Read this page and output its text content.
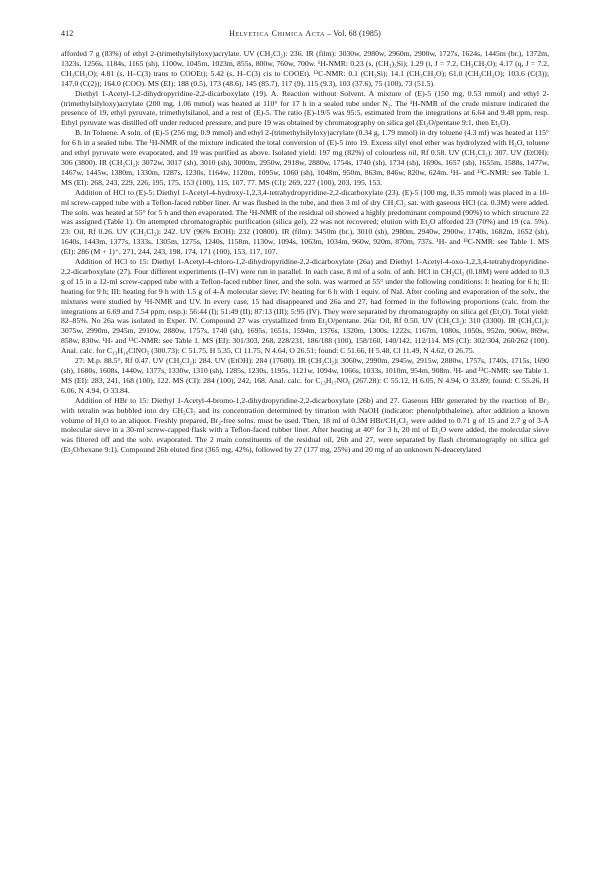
412	Helvetica Chimica Acta – Vol. 68 (1985)

afforded 7 g (83%) of ethyl 2-(trimethylsilyloxy)acrylate. UV (CH₂Cl₂): 236. IR (film): 3030w, 2980w, 2960m, 2900w, 1727s, 1624s, 1445m (br.), 1372m, 1323s, 1256s, 1184s, 1165 (sh), 1100w, 1045m, 1023m, 855s, 800w, 760w, 700w. ¹H-NMR: 0.23 (s, (CH₃)₃Si); 1.29 (t, J = 7.2, CH₃CH₂O); 4.17 (q, J = 7.2, CH₃CH₂O); 4.81 (s, H–C(3) trans to COOEt); 5.42 (s, H–C(3) cis to COOEt). ¹³C-NMR: 0.1 (CH₃Si); 14.1 (CH₃CH₂O); 61.0 (CH₃CH₂O); 103.6 (C(3)); 147.0 (C(2)); 164.0 (COO). MS (EI): 188 (0.5), 173 (48.6), 145 (85.7), 117 (9), 115 (9.3), 103 (37.6), 75 (100), 73 (51.5).

Diethyl 1-Acetyl-1,2-dihydropyridine-2,2-dicarboxylate (19). A. Reaction without Solvent. A mixture of (E)-5 (150 mg, 0.53 mmol) and ethyl 2-(trimethylsilyloxy)acrylate (200 mg, 1.06 mmol) was heated at 110° for 17 h in a sealed tube under N₂. The ¹H-NMR of the crude mixture indicated the presence of 19, ethyl pyruvate, trimethylsilanol, and a rest of (E)-5. The ratio (E)-19/5 was 95:5, estimated from the integrations at 6.64 and 9.48 ppm, resp. Ethyl pyruvate was distilled off under reduced pressure, and pure 19 was obtained by chromatography on silica gel (Et₂O/pentane 9:1, then Et₂O).

B. In Toluene. A soln. of (E)-5 (256 mg, 0.9 mmol) and ethyl 2-(trimethylsilyloxy)acrylate (0.34 g, 1.79 mmol) in dry toluene (4.3 ml) was heated at 115° for 6 h in a sealed tube. The ¹H-NMR of the mixture indicated the total conversion of (E)-5 into 19. Excess silyl enol ether was hydrolyzed with H₂O, toluene and ethyl pyruvate were evaporated, and 19 was purified as above. Isolated yield: 197 mg (82%) of colourless oil, Rf 0.58. UV (CH₂Cl₂): 307. UV (EtOH): 306 (3800). IR (CH₂Cl₂): 3072w, 3017 (sh), 3010 (sh), 3000m, 2950w, 2918w, 2880w, 1754s, 1740 (sh), 1734 (sh), 1690s, 1657 (sh), 1655m, 1588s, 1477w, 1467w, 1445w, 1380m, 1330m, 1287s, 1230s, 1164w, 1120m, 1095w, 1060 (sh), 1048m, 950m, 863m, 846w, 820w, 624m. ¹H- and ¹³C-NMR: see Table 1. MS (EI): 268, 243, 229, 226, 195, 175, 153 (100), 115, 107, 77. MS (CI): 269, 227 (100), 203, 195, 153.

Addition of HCl to (E)-5: Diethyl 1-Acetyl-4-hydroxy-1,2,3,4-tetrahydropyridine-2,2-dicarboxylate (23). (E)-5 (100 mg, 0.35 mmol) was placed in a 10-ml screw-capped tube with a Teflon-faced rubber liner. Ar was flushed in the tube, and then 3 ml of dry CH₂Cl₂ sat. with gaseous HCl (ca. 0.3M) were added. The soln. was heated at 55° for 5 h and then evaporated. The ¹H-NMR of the residual oil showed a highly predominant compound (90%) to which structure 22 was assigned (Table 1). On attempted chromatographic purification (silica gel), 22 was not recovered; elution with Et₂O afforded 23 (70%) and 19 (ca. 5%). 23: Oil, Rf 0.26. UV (CH₂Cl₂): 242. UV (96% EtOH): 232 (10800). IR (film): 3450m (br.), 3010 (sh), 2980m, 2940w, 2900w, 1740s, 1682m, 1652 (sh), 1640s, 1443m, 1377s, 1333s, 1305m, 1275s, 1240s, 1158m, 1130w, 1094s, 1063m, 1034m, 960w, 920m, 870m, 737s. ¹H- and ¹³C-NMR: see Table 1. MS (EI): 286 (M + 1)⁺, 271, 244, 243, 198, 174, 171 (100), 153, 117, 107.

Addition of HCl to 15: Diethyl 1-Acetyl-4-chloro-1,2-dihydropyridine-2,2-dicarboxylate (26a) and Diethyl 1-Acetyl-4-oxo-1,2,3,4-tetrahydropyridine-2,2-dicarboxylate (27). Four different experiments (I–IV) were run in parallel. In each case, 8 ml of a soln. of anh. HCl in CH₂Cl₂ (0.18M) were added to 0.3 g of 15 in a 12-ml screw-capped tube with a Teflon-faced rubber liner, and the soln. was warmed at 55° under the following conditions: I: heating for 6 h; II: heating for 9 h; III: heating for 9 h with 1.5 g of 4-Å molecular sieve; IV: heating for 6 h with 1 equiv. of NaI. After cooling and evaporation of the solv., the mixtures were studied by ¹H-NMR and UV. In every case, 15 had disappeared and 26a and 27, had formed in the following proportions (calc. from the integrations at 6.69 and 7.54 ppm, resp.): 56:44 (I); 51:49 (II); 87:13 (III); 5:95 (IV). They were separated by chromatography on silica gel (Et₂O). Total yield: 82–85%. No 26a was isolated in Exper. IV. Compound 27 was crystallized from Et₂O/pentane. 26a: Oil, Rf 0.50. UV (CH₂Cl₂): 310 (3300). IR (CH₂Cl₂): 3075w, 2990m, 2945m, 2910w, 2880w, 1757s, 1740 (sh), 1695s, 1651s, 1594m, 1376s, 1320m, 1300s, 1222s, 1167m, 1080s, 1050s, 952m, 906w, 869w, 858w, 830w. ¹H- and ¹³C-NMR: see Table 1. MS (EI): 301/303, 268, 228/231, 186/188 (100), 158/160, 140/142, 112/114. MS (CI): 302/304, 260/262 (100). Anal. calc. for C₁₃H₁₆ClNO₅ (300.73): C 51.75, H 5.35, Cl 11.75, N 4.64, O 26.51; found: C 51.66, H 5.48, Cl 11.49, N 4.62, O 26.75.

27: M.p. 88.5°, Rf 0.47. UV (CH₂Cl₂): 284. UV (EtOH): 284 (17600). IR (CH₂Cl₂): 3060w, 2990m, 2945w, 2915w, 2880w, 1757s, 1740s, 1715s, 1690 (sh), 1680s, 1608s, 1440w, 1377s, 1330w, 1310 (sh), 1285s, 1230s, 1195s, 1121w, 1094w, 1066s, 1033s, 1010m, 954m, 908m. ¹H- and ¹³C-NMR: see Table 1. MS (EI): 283, 241, 168 (100), 122. MS (CI): 284 (100), 242, 168. Anal. calc. for C₁₃H₁₇NO₆ (267.28): C 55.12, H 6.05, N 4.94, O 33.89; found: C 55.26, H 6.06, N 4.94, O 33.84.

Addition of HBr to 15: Diethyl 1-Acetyl-4-bromo-1,2-dihydropyridine-2,2-dicarboxylate (26b) and 27. Gaseous HBr generated by the reaction of Br₂ with tetralin was bubbled into dry CH₂Cl₂ and its concentration determined by titration with NaOH (indicator: phenolphthaleine), after addition a known volume of H₂O to an aliquot. Freshly prepared, Br₂-free solns. must be used. Then, 18 ml of 0.3M HBr/CH₂Cl₂ were added to 0.71 g of 15 and 2.7 g of 3-Å molecular sieve in a 30-ml screw-capped flask with a Teflon-faced rubber liner. After heating at 40° for 3 h, 20 ml of Et₂O were added, the molecular sieve was filtered off and the solv. evaporated. The 2 main constituents of the residual oil, 26b and 27, were separated by flash chromatography on silica gel (Et₂O/hexane 9:1). Compound 26b eluted first (365 mg, 42%), followed by 27 (177 mg, 25%) and 20 mg of an unknown N-deacetylated
